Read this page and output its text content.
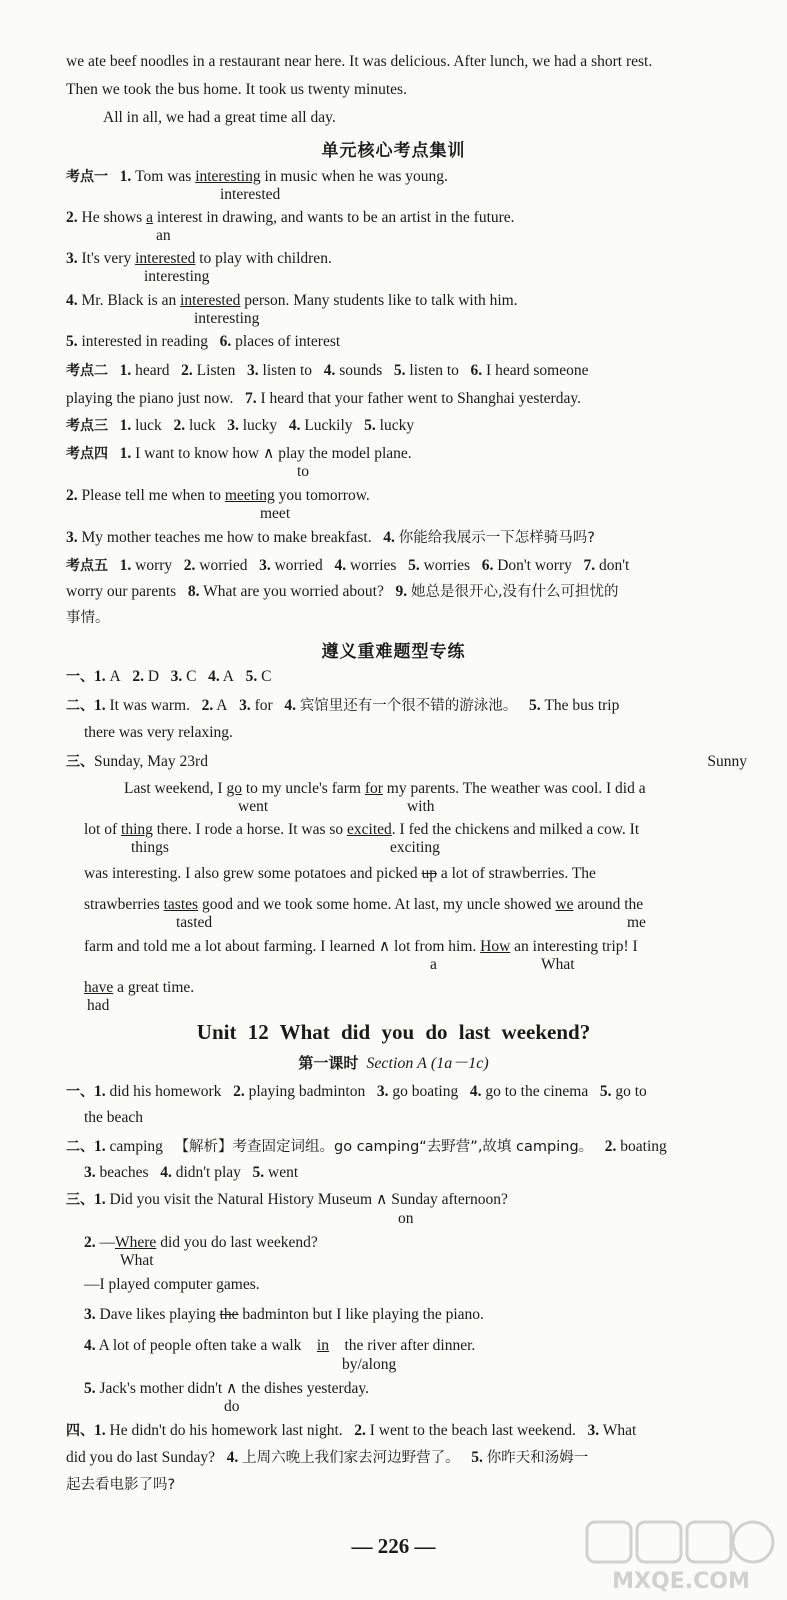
we ate beef noodles in a restaurant near here. It was delicious. After lunch, we had a short rest.
Then we took the bus home. It took us twenty minutes.
All in all, we had a great time all day.
单元核心考点集训
考点一 1. Tom was interesting in music when he was young.
interested
2. He shows a interest in drawing, and wants to be an artist in the future.
an
3. It's very interested to play with children.
interesting
4. Mr. Black is an interested person. Many students like to talk with him.
interesting
5. interested in reading 6. places of interest
考点二 1. heard 2. Listen 3. listen to 4. sounds 5. listen to 6. I heard someone
playing the piano just now. 7. I heard that your father went to Shanghai yesterday.
考点三 1. luck 2. luck 3. lucky 4. Luckily 5. lucky
考点四 1. I want to know how ∧ play the model plane.
to
2. Please tell me when to meeting you tomorrow.
meet
3. My mother teaches me how to make breakfast. 4. 你能给我展示一下怎样骑马吗?
考点五 1. worry 2. worried 3. worried 4. worries 5. worries 6. Don't worry 7. don't
worry our parents 8. What are you worried about? 9. 她总是很开心,没有什么可担忧的
事情。
遵义重难题型专练
一、1. A 2. D 3. C 4. A 5. C
二、1. It was warm. 2. A 3. for 4. 宾馆里还有一个很不错的游泳池。 5. The bus trip
there was very relaxing.
三、Sunday, May 23rd	Sunny
Last weekend, I go to my uncle's farm for my parents. The weather was cool. I did a
went	with
lot of thing there. I rode a horse. It was so excited. I fed the chickens and milked a cow. It
things	exciting
was interesting. I also grew some potatoes and picked up a lot of strawberries. The
strawberries tastes good and we took some home. At last, my uncle showed we around the
tasted	me
farm and told me a lot about farming. I learned ∧ lot from him. How an interesting trip! I
a	What
have a great time.
had
Unit 12 What did you do last weekend?
第一课时 Section A (1a－1c)
一、1. did his homework 2. playing badminton 3. go boating 4. go to the cinema 5. go to
the beach
二、1. camping 【解析】考查固定词组。go camping“去野营”,故填 camping。 2. boating
3. beaches 4. didn't play 5. went
三、1. Did you visit the Natural History Museum ∧ Sunday afternoon?
on
2. —Where did you do last weekend?
What
—I played computer games.
3. Dave likes playing the badminton but I like playing the piano.
4. A lot of people often take a walk    in    the river after dinner.
by/along
5. Jack's mother didn't ∧ the dishes yesterday.
do
四、1. He didn't do his homework last night. 2. I went to the beach last weekend. 3. What
did you do last Sunday? 4. 上周六晚上我们家去河边野营了。 5. 你昨天和汤姆一
起去看电影了吗?
— 226 —
MXQE.COM
